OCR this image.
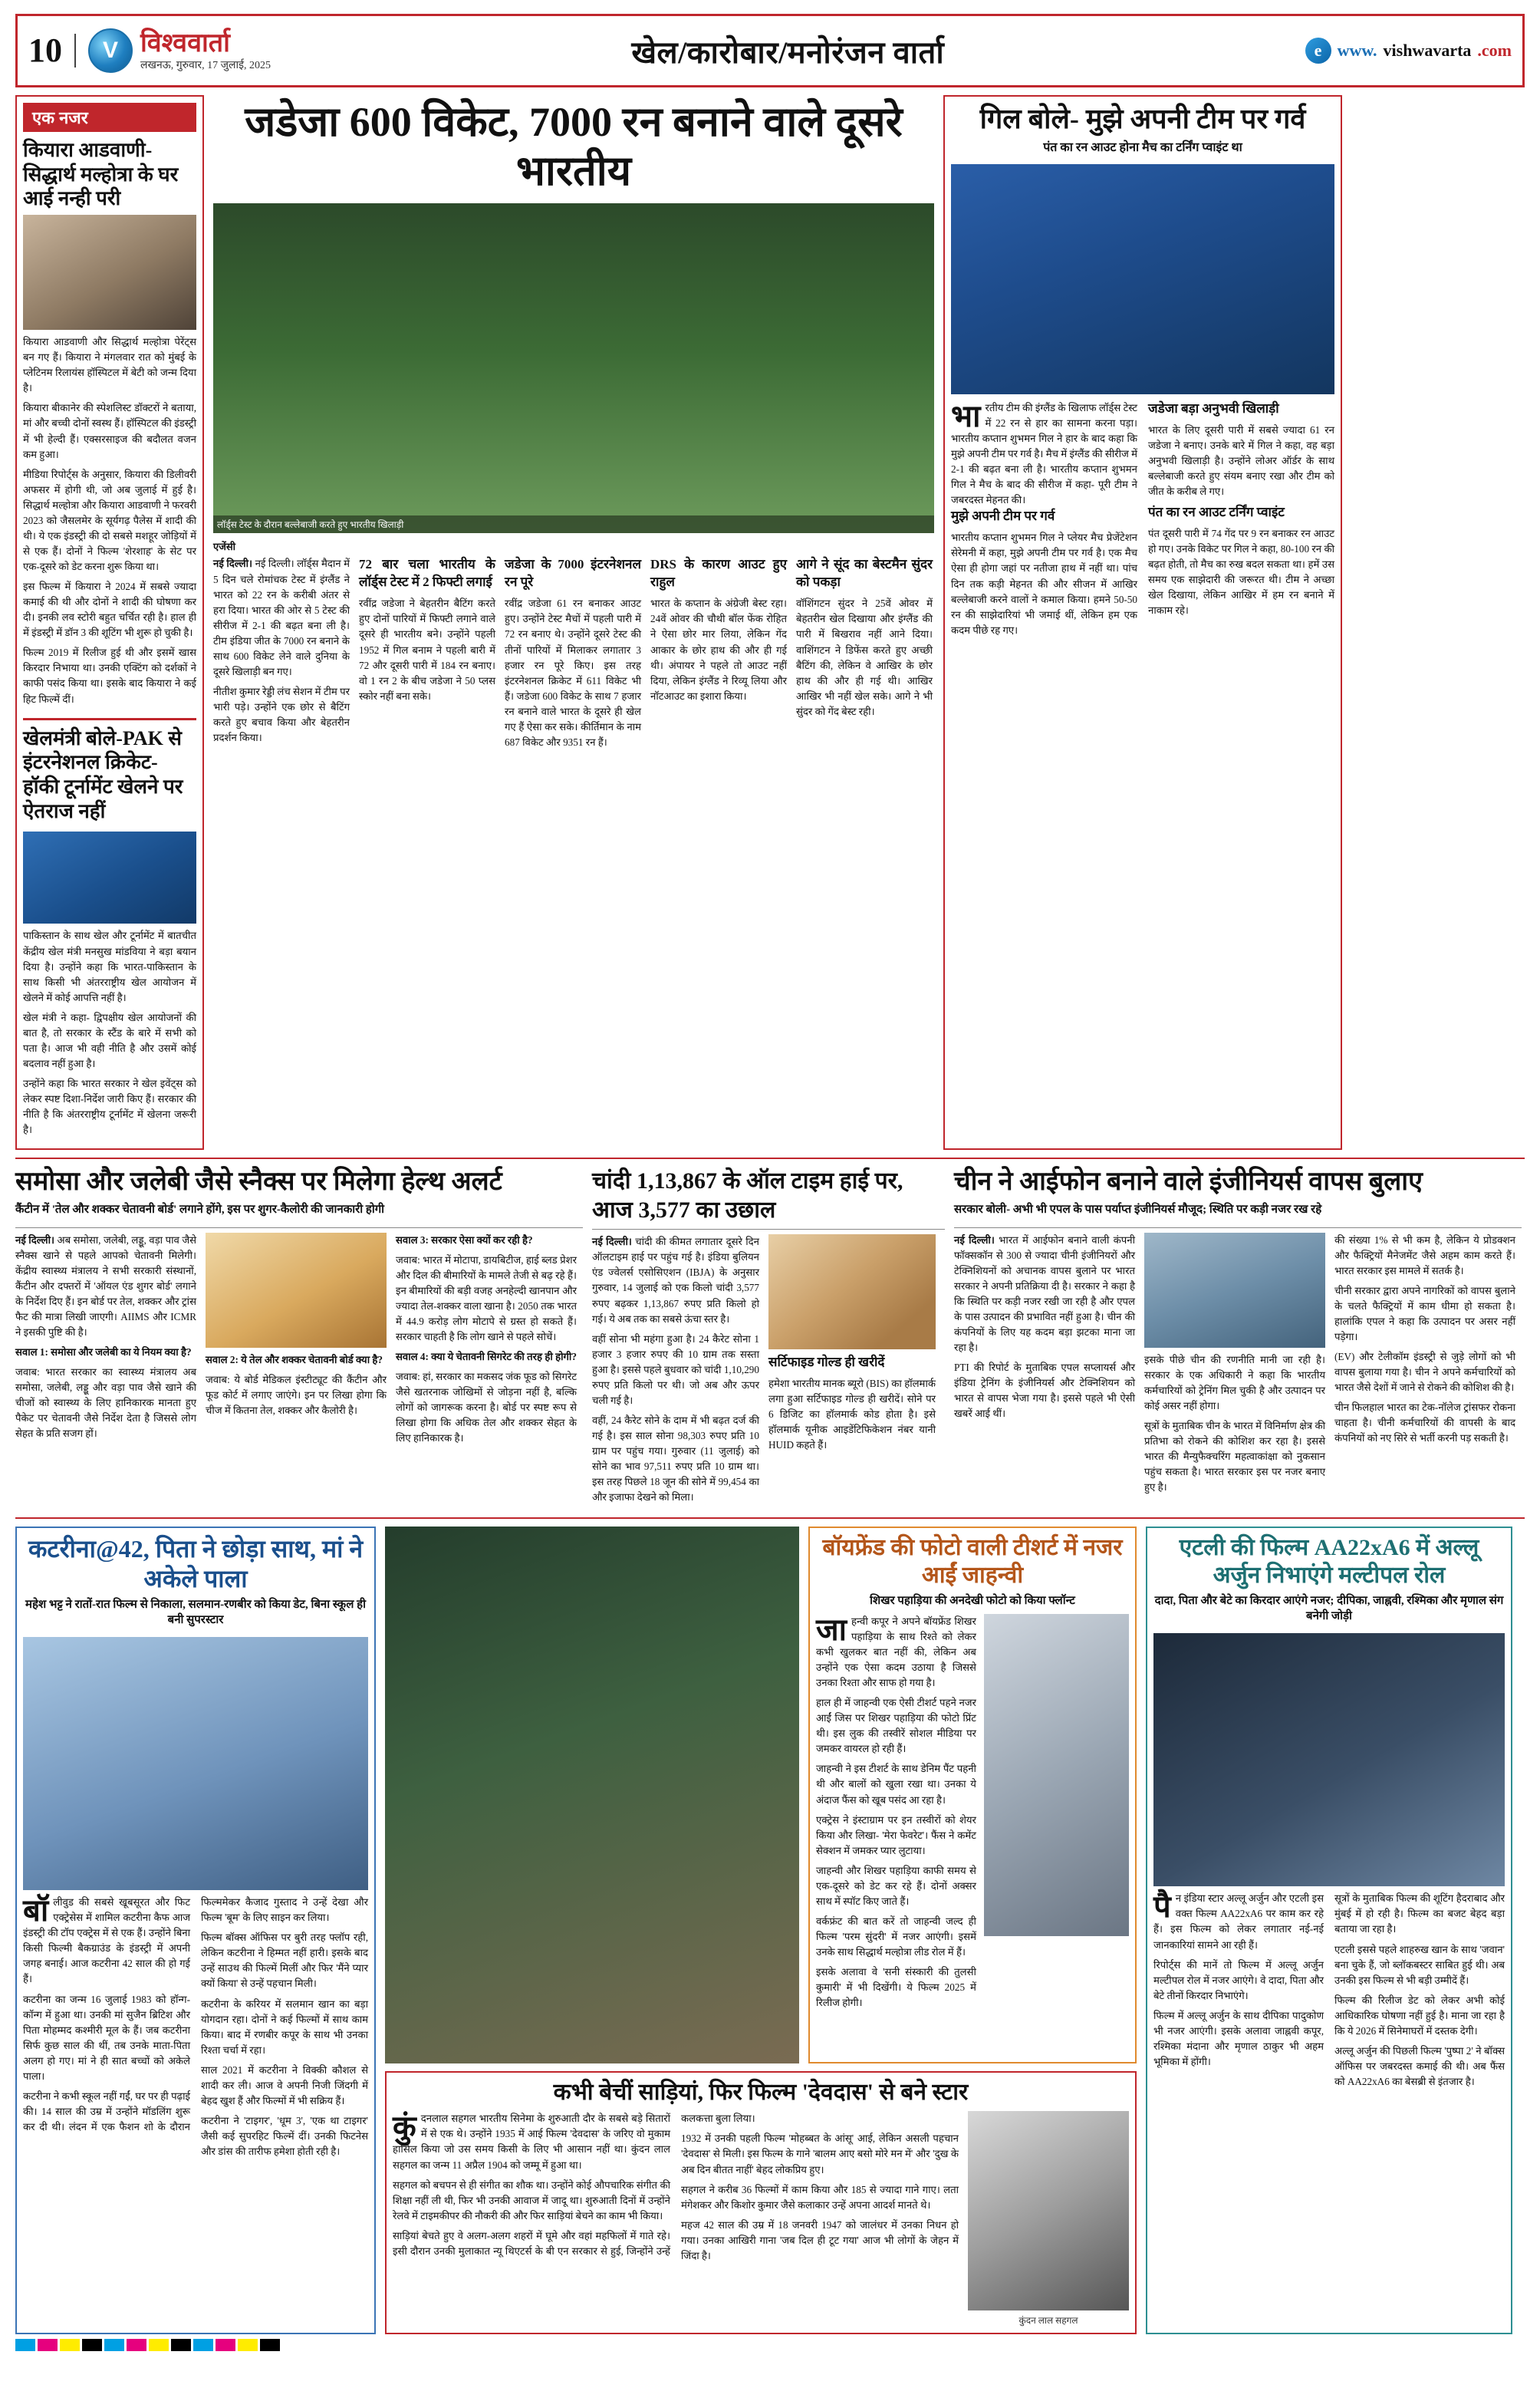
10	V विश्ववार्ता
लखनऊ, गुरुवार, 17 जुलाई, 2025	खेल/कारोबार/मनोरंजन वार्ता	e www. vishwavarta .com
एक नजर
कियारा आडवाणी- सिद्धार्थ मल्होत्रा के घर आई नन्ही परी

कियारा आडवाणी और सिद्धार्थ मल्होत्रा पेरेंट्स बन गए हैं। कियारा ने मंगलवार रात को मुंबई के प्लेटिनम रिलायंस हॉस्पिटल में बेटी को जन्म दिया है।

कियारा बीकानेर की स्पेशलिस्ट डॉक्टरों ने बताया, मां और बच्ची दोनों स्वस्थ हैं। हॉस्पिटल की इंडस्ट्री में भी हेल्दी हैं। एक्सरसाइज की बदौलत वजन कम हुआ।

मीडिया रिपोर्ट्स के अनुसार, कियारा की डिलीवरी अफसर में होगी थी, जो अब जुलाई में हुई है। सिद्धार्थ मल्होत्रा और कियारा आडवाणी ने फरवरी 2023 को जैसलमेर के सूर्यगढ़ पैलेस में शादी की थी। ये एक इंडस्ट्री की दो सबसे मशहूर जोड़ियों में से एक हैं। दोनों ने फिल्म 'शेरशाह' के सेट पर एक-दूसरे को डेट करना शुरू किया था।

इस फिल्म में कियारा ने 2024 में सबसे ज्यादा कमाई की थी और दोनों ने शादी की घोषणा कर दी। इनकी लव स्टोरी बहुत चर्चित रही है। हाल ही में इंडस्ट्री में डॉन 3 की शूटिंग भी शुरू हो चुकी है।

फिल्म 2019 में रिलीज हुई थी और इसमें खास किरदार निभाया था। उनकी एक्टिंग को दर्शकों ने काफी पसंद किया था। इसके बाद कियारा ने कई हिट फिल्में दीं।

खेलमंत्री बोले-PAK से इंटरनेशनल क्रिकेट- हॉकी टूर्नामेंट खेलने पर ऐतराज नहीं

पाकिस्तान के साथ खेल और टूर्नामेंट में बातचीत केंद्रीय खेल मंत्री मनसुख मांडविया ने बड़ा बयान दिया है। उन्होंने कहा कि भारत-पाकिस्तान के साथ किसी भी अंतरराष्ट्रीय खेल आयोजन में खेलने में कोई आपत्ति नहीं है।

खेल मंत्री ने कहा- द्विपक्षीय खेल आयोजनों की बात है, तो सरकार के स्टैंड के बारे में सभी को पता है। आज भी वही नीति है और उसमें कोई बदलाव नहीं हुआ है।

उन्होंने कहा कि भारत सरकार ने खेल इवेंट्स को लेकर स्पष्ट दिशा-निर्देश जारी किए हैं। सरकार की नीति है कि अंतरराष्ट्रीय टूर्नामेंट में खेलना जरूरी है।

जडेजा 600 विकेट, 7000 रन बनाने वाले दूसरे भारतीय
लॉर्ड्स टेस्ट के दौरान बल्लेबाजी करते हुए भारतीय खिलाड़ी
एजेंसी

नई दिल्ली। नई दिल्ली। लॉर्ड्स मैदान में 5 दिन चले रोमांचक टेस्ट में इंग्लैंड ने भारत को 22 रन के करीबी अंतर से हरा दिया। भारत की ओर से 5 टेस्ट की सीरीज में 2-1 की बढ़त बना ली है। टीम इंडिया जीत के 7000 रन बनाने के साथ 600 विकेट लेने वाले दुनिया के दूसरे खिलाड़ी बन गए।

नीतीश कुमार रेड्डी लंच सेशन में टीम पर भारी पड़े। उन्होंने एक छोर से बैटिंग करते हुए बचाव किया और बेहतरीन प्रदर्शन किया।

72 बार चला भारतीय के लॉर्ड्स टेस्ट में 2 फिफ्टी लगाई

रवींद्र जडेजा ने बेहतरीन बैटिंग करते हुए दोनों पारियों में फिफ्टी लगाने वाले दूसरे ही भारतीय बने। उन्होंने पहली 1952 में गिल बनाम ने पहली बारी में 72 और दूसरी पारी में 184 रन बनाए। वो 1 रन 2 के बीच जडेजा ने 50 प्लस स्कोर नहीं बना सके।

जडेजा के 7000 इंटरनेशनल रन पूरे

रवींद्र जडेजा 61 रन बनाकर आउट हुए। उन्होंने टेस्ट मैचों में पहली पारी में 72 रन बनाए थे। उन्होंने दूसरे टेस्ट की तीनों पारियों में मिलाकर लगातार 3 हजार रन पूरे किए। इस तरह इंटरनेशनल क्रिकेट में 611 विकेट भी हैं। जडेजा 600 विकेट के साथ 7 हजार रन बनाने वाले भारत के दूसरे ही खेल गए हैं ऐसा कर सके। कीर्तिमान के नाम 687 विकेट और 9351 रन हैं।

DRS के कारण आउट हुए राहुल

भारत के कप्तान के अंग्रेजी बेस्ट रहा। 24वें ओवर की चौथी बॉल फेंक रोहित ने ऐसा छोर मार लिया, लेकिन गेंद आकार के छोर हाथ की और ही गई थी। अंपायर ने पहले तो आउट नहीं दिया, लेकिन इंग्लैंड ने रिव्यू लिया और नॉटआउट का इशारा किया।

आगे ने सूंद का बेस्टमैन सुंदर को पकड़ा

वॉशिंगटन सुंदर ने 25वें ओवर में बेहतरीन खेल दिखाया और इंग्लैंड की पारी में बिखराव नहीं आने दिया। वाशिंगटन ने डिफेंस करते हुए अच्छी बैटिंग की, लेकिन वे आखिर के छोर हाथ की और ही गई थी। आखिर आखिर भी नहीं खेल सके। आगे ने भी सुंदर को गेंद बेस्ट रही।

गिल बोले- मुझे अपनी टीम पर गर्व
पंत का रन आउट होना मैच का टर्निंग प्वाइंट था
भारतीय टीम की इंग्लैंड के खिलाफ लॉर्ड्स टेस्ट में 22 रन से हार का सामना करना पड़ा। भारतीय कप्तान शुभमन गिल ने हार के बाद कहा कि मुझे अपनी टीम पर गर्व है। मैच में इंग्लैंड की सीरीज में 2-1 की बढ़त बना ली है। भारतीय कप्तान शुभमन गिल ने मैच के बाद की सीरीज में कहा- पूरी टीम ने जबरदस्त मेहनत की।

मुझे अपनी टीम पर गर्व

भारतीय कप्तान शुभमन गिल ने प्लेयर मैच प्रेजेंटेशन सेरेमनी में कहा, मुझे अपनी टीम पर गर्व है। एक मैच ऐसा ही होगा जहां पर नतीजा हाथ में नहीं था। पांच दिन तक कड़ी मेहनत की और सीजन में आखिर बल्लेबाजी करने वालों ने कमाल किया। हमने 50-50 रन की साझेदारियां भी जमाई थीं, लेकिन हम एक कदम पीछे रह गए।

जडेजा बड़ा अनुभवी खिलाड़ी

भारत के लिए दूसरी पारी में सबसे ज्यादा 61 रन जडेजा ने बनाए। उनके बारे में गिल ने कहा, वह बड़ा अनुभवी खिलाड़ी है। उन्होंने लोअर ऑर्डर के साथ बल्लेबाजी करते हुए संयम बनाए रखा और टीम को जीत के करीब ले गए।

पंत का रन आउट टर्निंग प्वाइंट

पंत दूसरी पारी में 74 गेंद पर 9 रन बनाकर रन आउट हो गए। उनके विकेट पर गिल ने कहा, 80-100 रन की बढ़त होती, तो मैच का रुख बदल सकता था। हमें उस समय एक साझेदारी की जरूरत थी। टीम ने अच्छा खेल दिखाया, लेकिन आखिर में हम रन बनाने में नाकाम रहे।

समोसा और जलेबी जैसे स्नैक्स पर मिलेगा हेल्थ अलर्ट
कैंटीन में 'तेल और शक्कर चेतावनी बोर्ड' लगाने होंगे, इस पर शुगर-कैलोरी की जानकारी होगी

नई दिल्ली। अब समोसा, जलेबी, लड्डू, वड़ा पाव जैसे स्नैक्स खाने से पहले आपको चेतावनी मिलेगी। केंद्रीय स्वास्थ्य मंत्रालय ने सभी सरकारी संस्थानों, कैंटीन और दफ्तरों में 'ऑयल एंड शुगर बोर्ड' लगाने के निर्देश दिए हैं। इन बोर्ड पर तेल, शक्कर और ट्रांस फैट की मात्रा लिखी जाएगी। AIIMS और ICMR ने इसकी पुष्टि की है।

सवाल 1: समोसा और जलेबी का ये नियम क्या है?

जवाब: भारत सरकार का स्वास्थ्य मंत्रालय अब समोसा, जलेबी, लड्डू और वड़ा पाव जैसे खाने की चीजों को स्वास्थ्य के लिए हानिकारक मानता हुए पैकेट पर चेतावनी जैसे निर्देश देता है जिससे लोग सेहत के प्रति सजग हों।

सवाल 2: ये तेल और शक्कर चेतावनी बोर्ड क्या है?

जवाब: ये बोर्ड मेडिकल इंस्टीट्यूट की कैंटीन और फूड कोर्ट में लगाए जाएंगे। इन पर लिखा होगा कि चीज में कितना तेल, शक्कर और कैलोरी है।

सवाल 3: सरकार ऐसा क्यों कर रही है?

जवाब: भारत में मोटापा, डायबिटीज, हाई ब्लड प्रेशर और दिल की बीमारियों के मामले तेजी से बढ़ रहे हैं। इन बीमारियों की बड़ी वजह अनहेल्दी खानपान और ज्यादा तेल-शक्कर वाला खाना है। 2050 तक भारत में 44.9 करोड़ लोग मोटापे से ग्रस्त हो सकते हैं। सरकार चाहती है कि लोग खाने से पहले सोचें।

सवाल 4: क्या ये चेतावनी सिगरेट की तरह ही होगी?

जवाब: हां, सरकार का मकसद जंक फूड को सिगरेट जैसे खतरनाक जोखिमों से जोड़ना नहीं है, बल्कि लोगों को जागरूक करना है। बोर्ड पर स्पष्ट रूप से लिखा होगा कि अधिक तेल और शक्कर सेहत के लिए हानिकारक है।

चांदी 1,13,867 के ऑल टाइम हाई पर, आज 3,577 का उछाल

नई दिल्ली। चांदी की कीमत लगातार दूसरे दिन ऑलटाइम हाई पर पहुंच गई है। इंडिया बुलियन एंड ज्वेलर्स एसोसिएशन (IBJA) के अनुसार गुरुवार, 14 जुलाई को एक किलो चांदी 3,577 रुपए बढ़कर 1,13,867 रुपए प्रति किलो हो गई। ये अब तक का सबसे ऊंचा स्तर है।

वहीं सोना भी महंगा हुआ है। 24 कैरेट सोना 1 हजार 3 हजार रुपए की 10 ग्राम तक सस्ता हुआ है। इससे पहले बुधवार को चांदी 1,10,290 रुपए प्रति किलो पर थी। जो अब और ऊपर चली गई है।

वहीं, 24 कैरेट सोने के दाम में भी बढ़त दर्ज की गई है। इस साल सोना 98,303 रुपए प्रति 10 ग्राम पर पहुंच गया। गुरुवार (11 जुलाई) को सोने का भाव 97,511 रुपए प्रति 10 ग्राम था। इस तरह पिछले 18 जून की सोने में 99,454 का और इजाफा देखने को मिला।

सर्टिफाइड गोल्ड ही खरीदें

हमेशा भारतीय मानक ब्यूरो (BIS) का हॉलमार्क लगा हुआ सर्टिफाइड गोल्ड ही खरीदें। सोने पर 6 डिजिट का हॉलमार्क कोड होता है। इसे हॉलमार्क यूनीक आइडेंटिफिकेशन नंबर यानी HUID कहते हैं।

चीन ने आईफोन बनाने वाले इंजीनियर्स वापस बुलाए
सरकार बोली- अभी भी एपल के पास पर्याप्त इंजीनियर्स मौजूद; स्थिति पर कड़ी नजर रख रहे

नई दिल्ली। भारत में आईफोन बनाने वाली कंपनी फॉक्सकॉन से 300 से ज्यादा चीनी इंजीनियरों और टेक्निशियनों को अचानक वापस बुलाने पर भारत सरकार ने अपनी प्रतिक्रिया दी है। सरकार ने कहा है कि स्थिति पर कड़ी नजर रखी जा रही है और एपल के पास उत्पादन की प्रभावित नहीं हुआ है। चीन की कंपनियों के लिए यह कदम बड़ा झटका माना जा रहा है।

PTI की रिपोर्ट के मुताबिक एपल सप्लायर्स और इंडिया ट्रेनिंग के इंजीनियर्स और टेक्निशियन को भारत से वापस भेजा गया है। इससे पहले भी ऐसी खबरें आई थीं।

इसके पीछे चीन की रणनीति मानी जा रही है। सरकार के एक अधिकारी ने कहा कि भारतीय कर्मचारियों को ट्रेनिंग मिल चुकी है और उत्पादन पर कोई असर नहीं होगा।

सूत्रों के मुताबिक चीन के भारत में विनिर्माण क्षेत्र की प्रतिभा को रोकने की कोशिश कर रहा है। इससे भारत की मैन्युफैक्चरिंग महत्वाकांक्षा को नुकसान पहुंच सकता है। भारत सरकार इस पर नजर बनाए हुए है।

की संख्या 1% से भी कम है, लेकिन ये प्रोडक्शन और फैक्ट्रियों मैनेजमेंट जैसे अहम काम करते हैं। भारत सरकार इस मामले में सतर्क है।

चीनी सरकार द्वारा अपने नागरिकों को वापस बुलाने के चलते फैक्ट्रियों में काम धीमा हो सकता है। हालांकि एपल ने कहा कि उत्पादन पर असर नहीं पड़ेगा।

(EV) और टेलीकॉम इंडस्ट्री से जुड़े लोगों को भी वापस बुलाया गया है। चीन ने अपने कर्मचारियों को भारत जैसे देशों में जाने से रोकने की कोशिश की है।

चीन फिलहाल भारत का टेक-नॉलेज ट्रांसफर रोकना चाहता है। चीनी कर्मचारियों की वापसी के बाद कंपनियों को नए सिरे से भर्ती करनी पड़ सकती है।

कटरीना@42, पिता ने छोड़ा साथ, मां ने अकेले पाला
महेश भट्ट ने रातों-रात फिल्म से निकाला, सलमान-रणबीर को किया डेट, बिना स्कूल ही बनी सुपरस्टार

बॉलीवुड की सबसे खूबसूरत और फिट एक्ट्रेसेस में शामिल कटरीना कैफ आज इंडस्ट्री की टॉप एक्ट्रेस में से एक हैं। उन्होंने बिना किसी फिल्मी बैकग्राउंड के इंडस्ट्री में अपनी जगह बनाई। आज कटरीना 42 साल की हो गई हैं।

कटरीना का जन्म 16 जुलाई 1983 को हॉन्ग-कॉन्ग में हुआ था। उनकी मां सुजैन ब्रिटिश और पिता मोहम्मद कश्मीरी मूल के हैं। जब कटरीना सिर्फ कुछ साल की थीं, तब उनके माता-पिता अलग हो गए। मां ने ही सात बच्चों को अकेले पाला।

कटरीना ने कभी स्कूल नहीं गईं, घर पर ही पढ़ाई की। 14 साल की उम्र में उन्होंने मॉडलिंग शुरू कर दी थी। लंदन में एक फैशन शो के दौरान फिल्ममेकर कैजाद गुस्ताद ने उन्हें देखा और फिल्म 'बूम' के लिए साइन कर लिया।

फिल्म बॉक्स ऑफिस पर बुरी तरह फ्लॉप रही, लेकिन कटरीना ने हिम्मत नहीं हारी। इसके बाद उन्हें साउथ की फिल्में मिलीं और फिर 'मैंने प्यार क्यों किया' से उन्हें पहचान मिली।

कटरीना के करियर में सलमान खान का बड़ा योगदान रहा। दोनों ने कई फिल्मों में साथ काम किया। बाद में रणबीर कपूर के साथ भी उनका रिश्ता चर्चा में रहा।

साल 2021 में कटरीना ने विक्की कौशल से शादी कर ली। आज वे अपनी निजी जिंदगी में बेहद खुश हैं और फिल्मों में भी सक्रिय हैं।

कटरीना ने 'टाइगर', 'धूम 3', 'एक था टाइगर' जैसी कई सुपरहिट फिल्में दीं। उनकी फिटनेस और डांस की तारीफ हमेशा होती रही है।

बॉयफ्रेंड की फोटो वाली टीशर्ट में नजर आईं जाहन्वी
शिखर पहाड़िया की अनदेखी फोटो को किया फ्लॉन्ट

जाहन्वी कपूर ने अपने बॉयफ्रेंड शिखर पहाड़िया के साथ रिश्ते को लेकर कभी खुलकर बात नहीं की, लेकिन अब उन्होंने एक ऐसा कदम उठाया है जिससे उनका रिश्ता और साफ हो गया है।

हाल ही में जाहन्वी एक ऐसी टीशर्ट पहने नजर आईं जिस पर शिखर पहाड़िया की फोटो प्रिंट थी। इस लुक की तस्वीरें सोशल मीडिया पर जमकर वायरल हो रही हैं।

जाहन्वी ने इस टीशर्ट के साथ डेनिम पैंट पहनी थी और बालों को खुला रखा था। उनका ये अंदाज फैंस को खूब पसंद आ रहा है।

एक्ट्रेस ने इंस्टाग्राम पर इन तस्वीरों को शेयर किया और लिखा- 'मेरा फेवरेट'। फैंस ने कमेंट सेक्शन में जमकर प्यार लुटाया।

जाहन्वी और शिखर पहाड़िया काफी समय से एक-दूसरे को डेट कर रहे हैं। दोनों अक्सर साथ में स्पॉट किए जाते हैं।

वर्कफ्रंट की बात करें तो जाहन्वी जल्द ही फिल्म 'परम सुंदरी' में नजर आएंगी। इसमें उनके साथ सिद्धार्थ मल्होत्रा लीड रोल में हैं।

इसके अलावा वे 'सनी संस्कारी की तुलसी कुमारी' में भी दिखेंगी। ये फिल्म 2025 में रिलीज होगी।

कभी बेचीं साड़ियां, फिर फिल्म 'देवदास' से बने स्टार

कुंदनलाल सहगल भारतीय सिनेमा के शुरुआती दौर के सबसे बड़े सितारों में से एक थे। उन्होंने 1935 में आई फिल्म 'देवदास' के जरिए वो मुकाम हासिल किया जो उस समय किसी के लिए भी आसान नहीं था। कुंदन लाल सहगल का जन्म 11 अप्रैल 1904 को जम्मू में हुआ था।

सहगल को बचपन से ही संगीत का शौक था। उन्होंने कोई औपचारिक संगीत की शिक्षा नहीं ली थी, फिर भी उनकी आवाज में जादू था। शुरुआती दिनों में उन्होंने रेलवे में टाइमकीपर की नौकरी की और फिर साड़ियां बेचने का काम भी किया।

साड़ियां बेचते हुए वे अलग-अलग शहरों में घूमे और वहां महफिलों में गाते रहे। इसी दौरान उनकी मुलाकात न्यू थिएटर्स के बी एन सरकार से हुई, जिन्होंने उन्हें कलकत्ता बुला लिया।

1932 में उनकी पहली फिल्म 'मोहब्बत के आंसू' आई, लेकिन असली पहचान 'देवदास' से मिली। इस फिल्म के गाने 'बालम आए बसो मोरे मन में' और 'दुख के अब दिन बीतत नाहीं' बेहद लोकप्रिय हुए।

सहगल ने करीब 36 फिल्मों में काम किया और 185 से ज्यादा गाने गाए। लता मंगेशकर और किशोर कुमार जैसे कलाकार उन्हें अपना आदर्श मानते थे।

महज 42 साल की उम्र में 18 जनवरी 1947 को जालंधर में उनका निधन हो गया। उनका आखिरी गाना 'जब दिल ही टूट गया' आज भी लोगों के जेहन में जिंदा है।

कुंदन लाल सहगल
एटली की फिल्म AA22xA6 में अल्लू अर्जुन निभाएंगे मल्टीपल रोल
दादा, पिता और बेटे का किरदार आएंगे नजर; दीपिका, जाह्नवी, रश्मिका और मृणाल संग बनेगी जोड़ी

पैन इंडिया स्टार अल्लू अर्जुन और एटली इस वक्त फिल्म AA22xA6 पर काम कर रहे हैं। इस फिल्म को लेकर लगातार नई-नई जानकारियां सामने आ रही हैं।

रिपोर्ट्स की मानें तो फिल्म में अल्लू अर्जुन मल्टीपल रोल में नजर आएंगे। वे दादा, पिता और बेटे तीनों किरदार निभाएंगे।

फिल्म में अल्लू अर्जुन के साथ दीपिका पादुकोण भी नजर आएंगी। इसके अलावा जाह्नवी कपूर, रश्मिका मंदाना और मृणाल ठाकुर भी अहम भूमिका में होंगी।

सूत्रों के मुताबिक फिल्म की शूटिंग हैदराबाद और मुंबई में हो रही है। फिल्म का बजट बेहद बड़ा बताया जा रहा है।

एटली इससे पहले शाहरुख खान के साथ 'जवान' बना चुके हैं, जो ब्लॉकबस्टर साबित हुई थी। अब उनकी इस फिल्म से भी बड़ी उम्मीदें हैं।

फिल्म की रिलीज डेट को लेकर अभी कोई आधिकारिक घोषणा नहीं हुई है। माना जा रहा है कि ये 2026 में सिनेमाघरों में दस्तक देगी।

अल्लू अर्जुन की पिछली फिल्म 'पुष्पा 2' ने बॉक्स ऑफिस पर जबरदस्त कमाई की थी। अब फैंस को AA22xA6 का बेसब्री से इंतजार है।
